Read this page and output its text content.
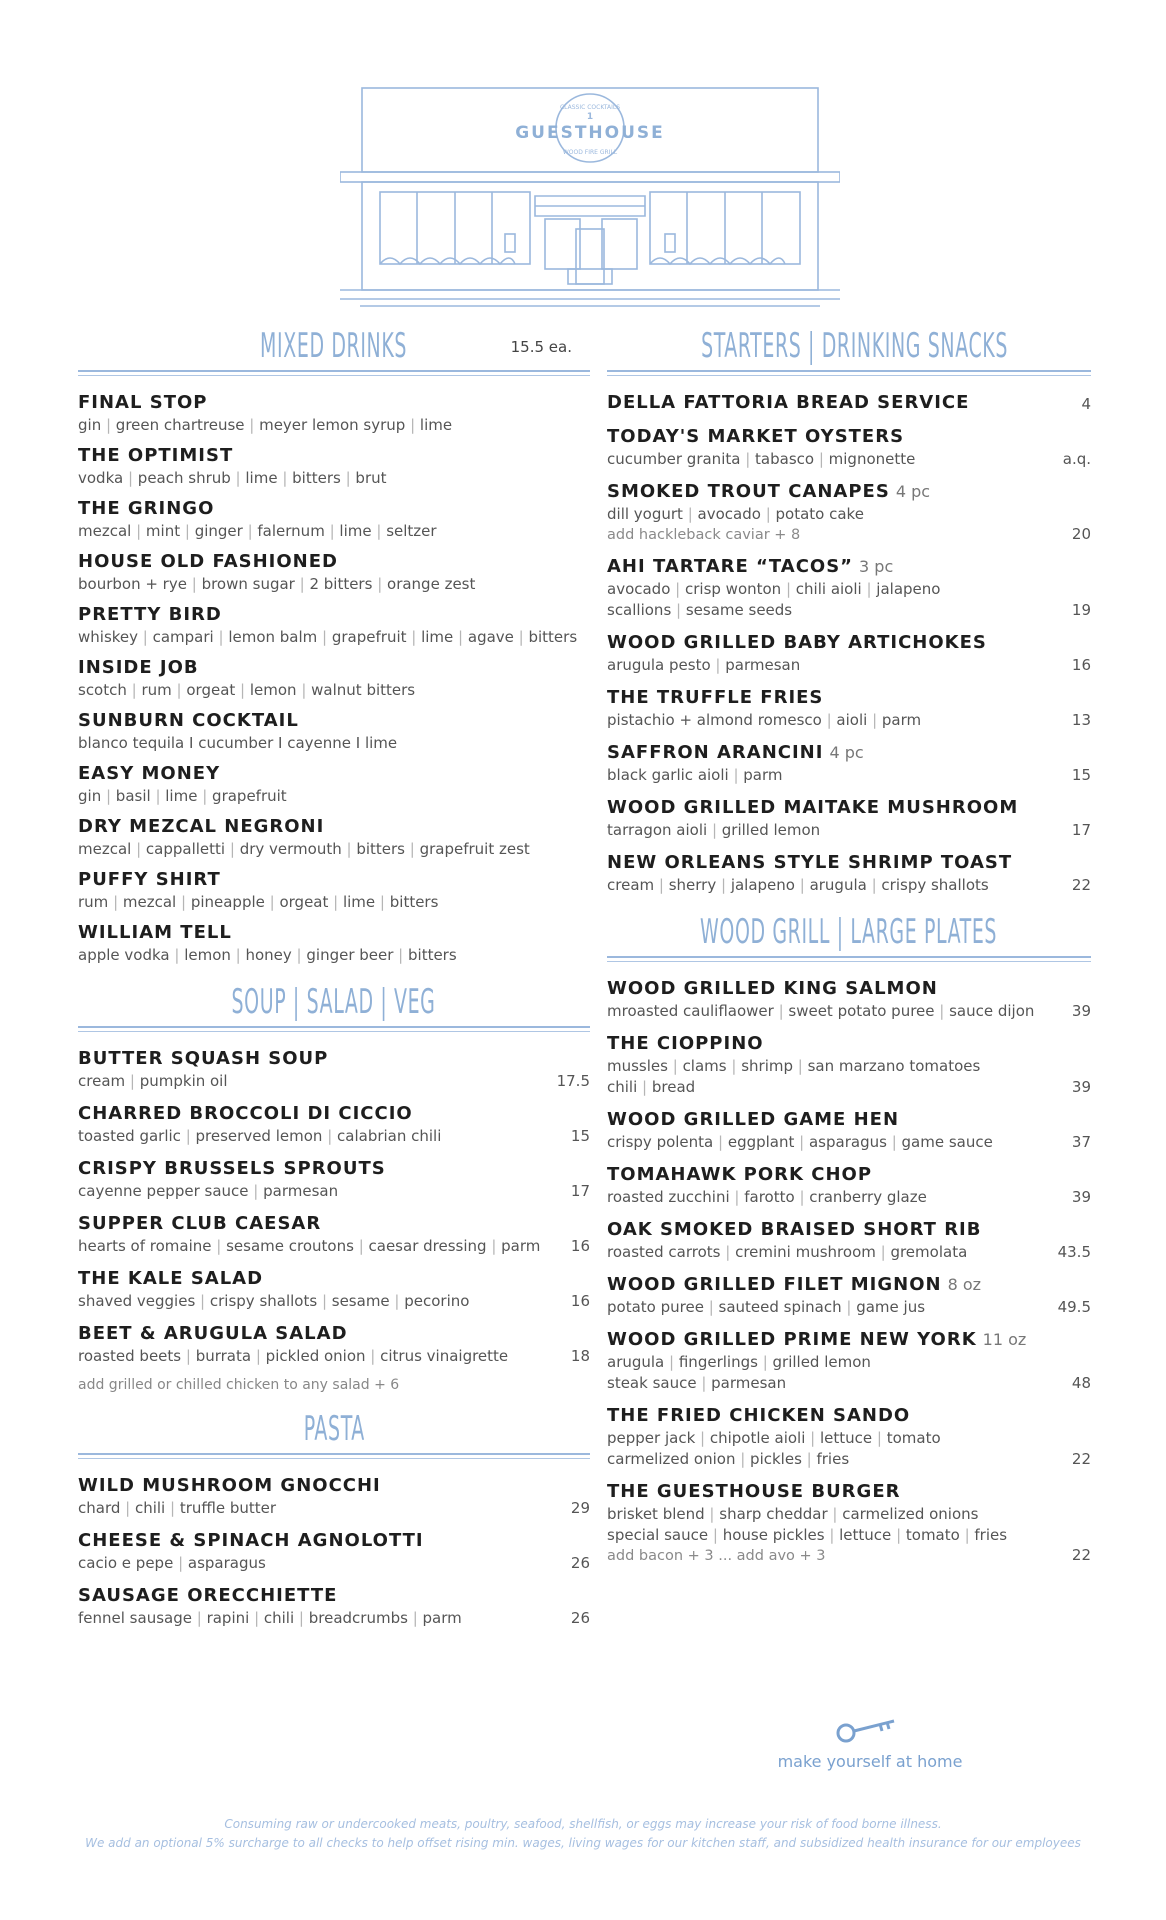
CLASSIC COCKTAILS
1
GUESTHOUSE
WOOD FIRE GRILL
MIXED DRINKS	15.5 ea.
FINAL STOP
gin | green chartreuse | meyer lemon syrup | lime
THE OPTIMIST
vodka | peach shrub | lime | bitters | brut
THE GRINGO
mezcal | mint | ginger | falernum | lime | seltzer
HOUSE OLD FASHIONED
bourbon + rye | brown sugar | 2 bitters | orange zest
PRETTY BIRD
whiskey | campari | lemon balm | grapefruit | lime | agave | bitters
INSIDE JOB
scotch | rum | orgeat | lemon | walnut bitters
SUNBURN COCKTAIL
blanco tequila I cucumber I cayenne I lime
EASY MONEY
gin | basil | lime | grapefruit
DRY MEZCAL NEGRONI
mezcal | cappalletti | dry vermouth | bitters | grapefruit zest
PUFFY SHIRT
rum | mezcal | pineapple | orgeat | lime | bitters
WILLIAM TELL
apple vodka | lemon | honey | ginger beer | bitters
SOUP | SALAD | VEG
BUTTER SQUASH SOUP
cream | pumpkin oil	17.5
CHARRED BROCCOLI DI CICCIO
toasted garlic | preserved lemon | calabrian chili	15
CRISPY BRUSSELS SPROUTS
cayenne pepper sauce | parmesan	17
SUPPER CLUB CAESAR
hearts of romaine | sesame croutons | caesar dressing | parm 16
THE KALE SALAD
shaved veggies | crispy shallots | sesame | pecorino	16
BEET & ARUGULA SALAD
roasted beets | burrata | pickled onion | citrus vinaigrette	18
add grilled or chilled chicken to any salad + 6
PASTA
WILD MUSHROOM GNOCCHI
chard | chili | truffle butter	29
CHEESE & SPINACH AGNOLOTTI
cacio e pepe | asparagus	26
SAUSAGE ORECCHIETTE
fennel sausage | rapini | chili | breadcrumbs | parm	26
STARTERS | DRINKING SNACKS
DELLA FATTORIA BREAD SERVICE	4
TODAY'S MARKET OYSTERS
cucumber granita | tabasco | mignonette	a.q.
SMOKED TROUT CANAPES 4 pc
dill yogurt | avocado | potato cake
add hackleback caviar + 8	20
AHI TARTARE “TACOS” 3 pc
avocado | crisp wonton | chili aioli | jalapeno
scallions | sesame seeds	19
WOOD GRILLED BABY ARTICHOKES
arugula pesto | parmesan	16
THE TRUFFLE FRIES
pistachio + almond romesco | aioli | parm	13
SAFFRON ARANCINI 4 pc
black garlic aioli | parm	15
WOOD GRILLED MAITAKE MUSHROOM
tarragon aioli | grilled lemon	17
NEW ORLEANS STYLE SHRIMP TOAST
cream | sherry | jalapeno | arugula | crispy shallots	22
WOOD GRILL | LARGE PLATES
WOOD GRILLED KING SALMON
mroasted cauliflaower | sweet potato puree | sauce dijon	39
THE CIOPPINO
mussles | clams | shrimp | san marzano tomatoes
chili | bread	39
WOOD GRILLED GAME HEN
crispy polenta | eggplant | asparagus | game sauce	37
TOMAHAWK PORK CHOP
roasted zucchini | farotto | cranberry glaze	39
OAK SMOKED BRAISED SHORT RIB
roasted carrots | cremini mushroom | gremolata	43.5
WOOD GRILLED FILET MIGNON 8 oz
potato puree | sauteed spinach | game jus	49.5
WOOD GRILLED PRIME NEW YORK 11 oz
arugula | fingerlings | grilled lemon
steak sauce | parmesan	48
THE FRIED CHICKEN SANDO
pepper jack | chipotle aioli | lettuce | tomato
carmelized onion | pickles | fries	22
THE GUESTHOUSE BURGER
brisket blend | sharp cheddar | carmelized onions
special sauce | house pickles | lettuce | tomato | fries
add bacon + 3 ... add avo + 3	22
make yourself at home
Consuming raw or undercooked meats, poultry, seafood, shellfish, or eggs may increase your risk of food borne illness.
We add an optional 5% surcharge to all checks to help offset rising min. wages, living wages for our kitchen staff, and subsidized health insurance for our employees
